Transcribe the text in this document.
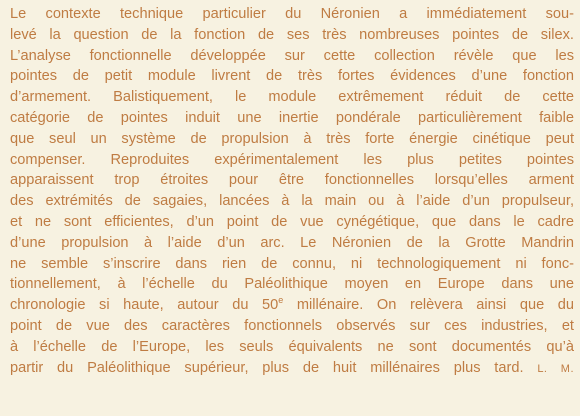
Le contexte technique particulier du Néronien a immédiatement sou-
levé la question de la fonction de ses très nombreuses pointes de silex.
L’analyse fonctionnelle développée sur cette collection révèle que les
pointes de petit module livrent de très fortes évidences d’une fonction
d’armement. Balistiquement, le module extrêmement réduit de cette
catégorie de pointes induit une inertie pondérale particulièrement faible
que seul un système de propulsion à très forte énergie cinétique peut
compenser. Reproduites expérimentalement les plus petites pointes
apparaissent trop étroites pour être fonctionnelles lorsqu’elles arment
des extrémités de sagaies, lancées à la main ou à l’aide d’un propulseur,
et ne sont efficientes, d’un point de vue cynégétique, que dans le cadre
d’une propulsion à l’aide d’un arc. Le Néronien de la Grotte Mandrin
ne semble s’inscrire dans rien de connu, ni technologiquement ni fonc-
tionnellement, à l’échelle du Paléolithique moyen en Europe dans une
chronologie si haute, autour du 50e millénaire. On relèvera ainsi que du
point de vue des caractères fonctionnels observés sur ces industries, et
à l’échelle de l’Europe, les seuls équivalents ne sont documentés qu’à
partir du Paléolithique supérieur, plus de huit millénaires plus tard. L. M.
